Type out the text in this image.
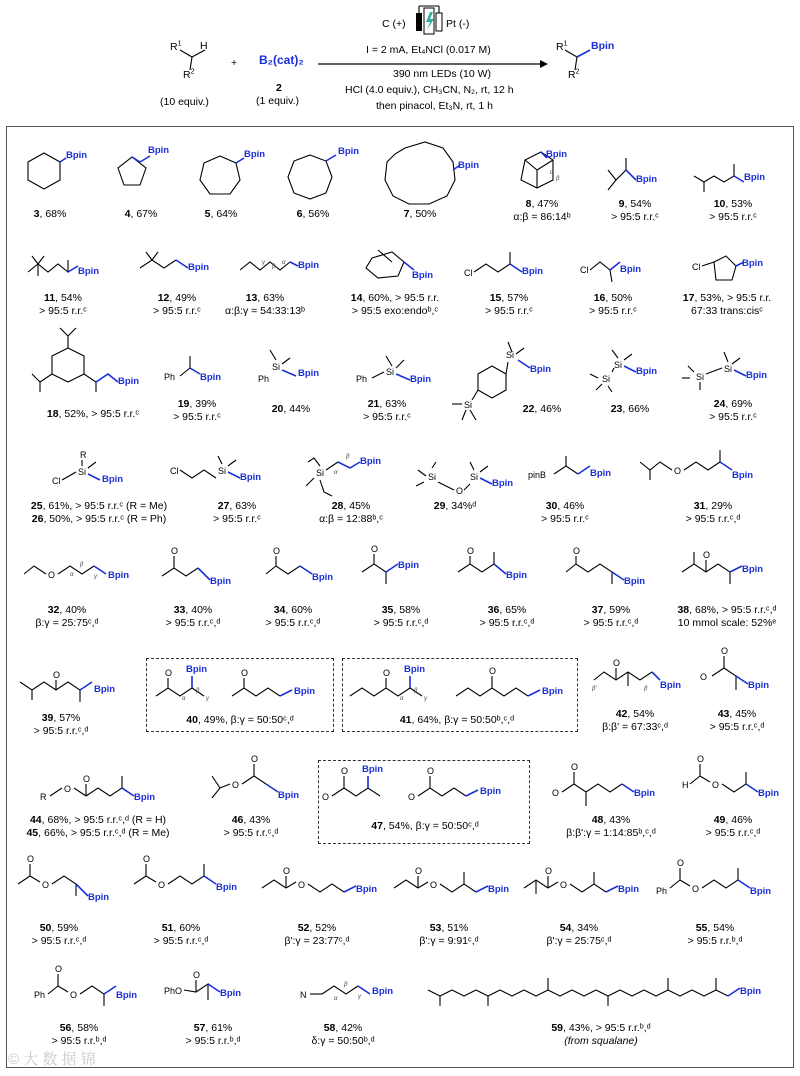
$R^1$ H
$R^2$
(10 equiv.)
+ B₂(cat)₂
2
(1 equiv.)
C (+)	Pt (-)
I = 2 mA, Et₄NCl (0.017 M)
390 nm LEDs (10 W)
HCl (4.0 equiv.), CH₃CN, N₂, rt, 12 h
then pinacol, Et₃N, rt, 1 h
$R^1$ Bpin
$R^2$
Bpin	Bpin	Bpin	Bpin
Bpin
Bpin
α
β	Bpin	Bpin
Bpin	Bpin	Bpin
γ
β
α
Bpin	Cl	Bpin	Cl	Bpin	Cl	Bpin
Bpin	Ph	Bpin	Ph
Si
Bpin	Ph
Si
Bpin
Si
Bpin
Si
Si
Si
Bpin	Si
Si
Bpin
Cl
Si
R
Bpin
Cl	Si
Bpin	Si
Bpin
α
β
Si
O
Si
Bpin
pinB	Bpin	O	Bpin
O	Bpin
α
β
γ
O
Bpin
O
Bpin
O
Bpin
O
Bpin
O
Bpin
O
Bpin
O
Bpin
O Bpin	O
Bpin
α
β
γ
O Bpin	O
Bpin
α
β
γ
O
Bpin
β'	β
O
O
Bpin
R
O
O
Bpin
O
O
Bpin	O
O Bpin
O
O
Bpin	O
O
Bpin
H
O
O
Bpin
O
O
Bpin
O
O	Bpin
O
O	Bpin
O
O	Bpin
O
O	Bpin Ph
O
O	Bpin
Ph
O
O	Bpin	PhO
O
Bpin	N	Bpin
α
β
γ	Bpin
3, 68%	4, 67%	5, 64%	6, 56%	7, 50%
8, 47%
α:β = 86:14ᵇ
9, 54%
> 95:5 r.r.ᶜ
10, 53%
> 95:5 r.r.ᶜ
11, 54%
> 95:5 r.r.ᶜ
12, 49%
> 95:5 r.r.ᶜ
13, 63%
α:β:γ = 54:33:13ᵇ
14, 60%, > 95:5 r.r.
> 95:5 exo:endoᵇ,ᶜ
15, 57%
> 95:5 r.r.ᶜ
16, 50%
> 95:5 r.r.ᶜ
17, 53%, > 95:5 r.r.
67:33 trans:cisᶜ
18, 52%, > 95:5 r.r.ᶜ
19, 39%
> 95:5 r.r.ᶜ
20, 44%	21, 63%
> 95:5 r.r.ᶜ
22, 46%	23, 66%	24, 69%
> 95:5 r.r.ᶜ
25, 61%, > 95:5 r.r.ᶜ (R = Me)
26, 50%, > 95:5 r.r.ᶜ (R = Ph)
27, 63%
> 95:5 r.r.ᶜ
28, 45%
α:β = 12:88ᵇ,ᶜ
29, 34%ᵈ	30, 46%
> 95:5 r.r.ᶜ
31, 29%
> 95:5 r.r.ᶜ,ᵈ
32, 40%
β:γ = 25:75ᶜ,ᵈ
33, 40%
> 95:5 r.r.ᶜ,ᵈ
34, 60%
> 95:5 r.r.ᶜ,ᵈ
35, 58%
> 95:5 r.r.ᶜ,ᵈ
36, 65%
> 95:5 r.r.ᶜ,ᵈ
37, 59%
> 95:5 r.r.ᶜ,ᵈ
38, 68%, > 95:5 r.r.ᶜ,ᵈ
10 mmol scale: 52%ᵉ
39, 57%
> 95:5 r.r.ᶜ,ᵈ
40, 49%, β:γ = 50:50ᶜ,ᵈ	41, 64%, β:γ = 50:50ᵇ,ᶜ,ᵈ	42, 54%
β:β' = 67:33ᶜ,ᵈ
43, 45%
> 95:5 r.r.ᶜ,ᵈ
44, 68%, > 95:5 r.r.ᶜ,ᵈ (R = H)
45, 66%, > 95:5 r.r.ᶜ,ᵈ (R = Me)
46, 43%
> 95:5 r.r.ᶜ,ᵈ
47, 54%, β:γ = 50:50ᶜ,ᵈ	48, 43%
β:β':γ = 1:14:85ᵇ,ᶜ,ᵈ
49, 46%
> 95:5 r.r.ᶜ,ᵈ
50, 59%
> 95:5 r.r.ᶜ,ᵈ
51, 60%
> 95:5 r.r.ᶜ,ᵈ
52, 52%
β':γ = 23:77ᶜ,ᵈ
53, 51%
β':γ = 9:91ᶜ,ᵈ
54, 34%
β':γ = 25:75ᶜ,ᵈ
55, 54%
> 95:5 r.r.ᵇ,ᵈ
56, 58%
> 95:5 r.r.ᵇ,ᵈ
57, 61%
> 95:5 r.r.ᵇ,ᵈ
58, 42%
δ:γ = 50:50ᵇ,ᵈ
59, 43%, > 95:5 r.r.ᵇ,ᵈ
(from squalane)
© 大 数 据 锦
